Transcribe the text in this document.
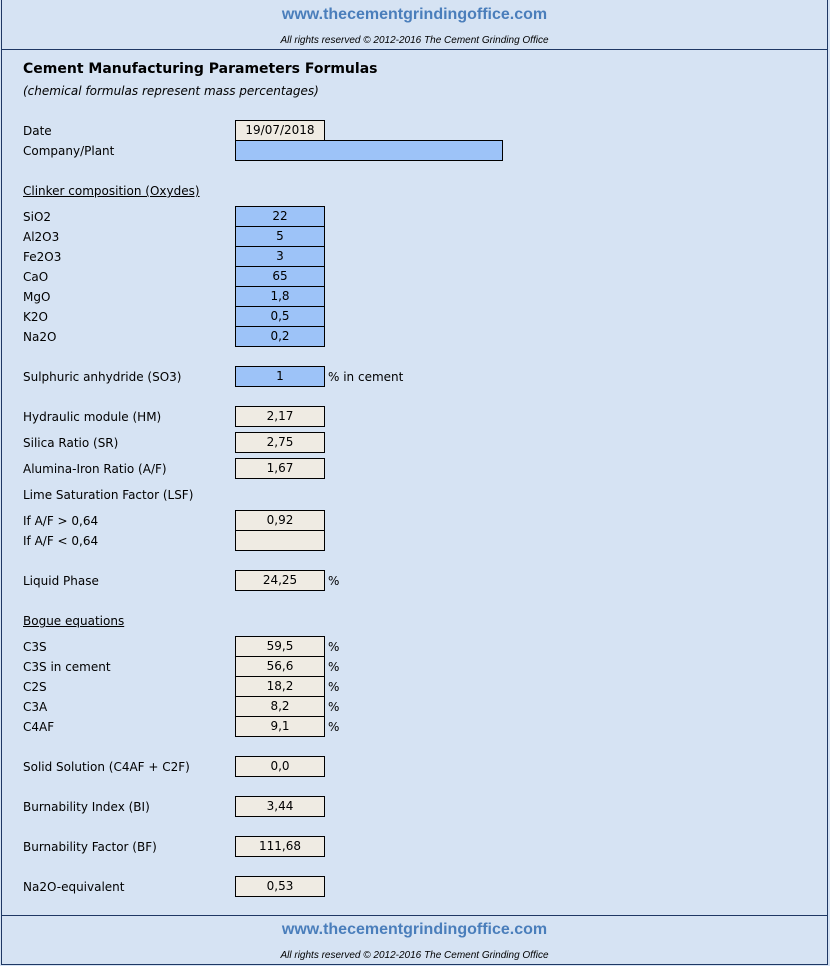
www.thecementgrindingoffice.com
All rights reserved © 2012-2016 The Cement Grinding Office
Cement Manufacturing Parameters Formulas
(chemical formulas represent mass percentages)
Date	19/07/2018
Company/Plant
Clinker composition (Oxydes)
SiO2	22
Al2O3	5
Fe2O3	3
CaO	65
MgO	1,8
K2O	0,5
Na2O	0,2
Sulphuric anhydride (SO3)	1	% in cement
Hydraulic module (HM)	2,17
Silica Ratio (SR)	2,75
Alumina-Iron Ratio (A/F)	1,67
Lime Saturation Factor (LSF)
If A/F > 0,64	0,92
If A/F < 0,64
Liquid Phase	24,25	%
Bogue equations
C3S	59,5	%
C3S in cement	56,6	%
C2S	18,2	%
C3A	8,2	%
C4AF	9,1	%
Solid Solution (C4AF + C2F)	0,0
Burnability Index (BI)	3,44
Burnability Factor (BF)	111,68
Na2O-equivalent	0,53
www.thecementgrindingoffice.com
All rights reserved © 2012-2016 The Cement Grinding Office
